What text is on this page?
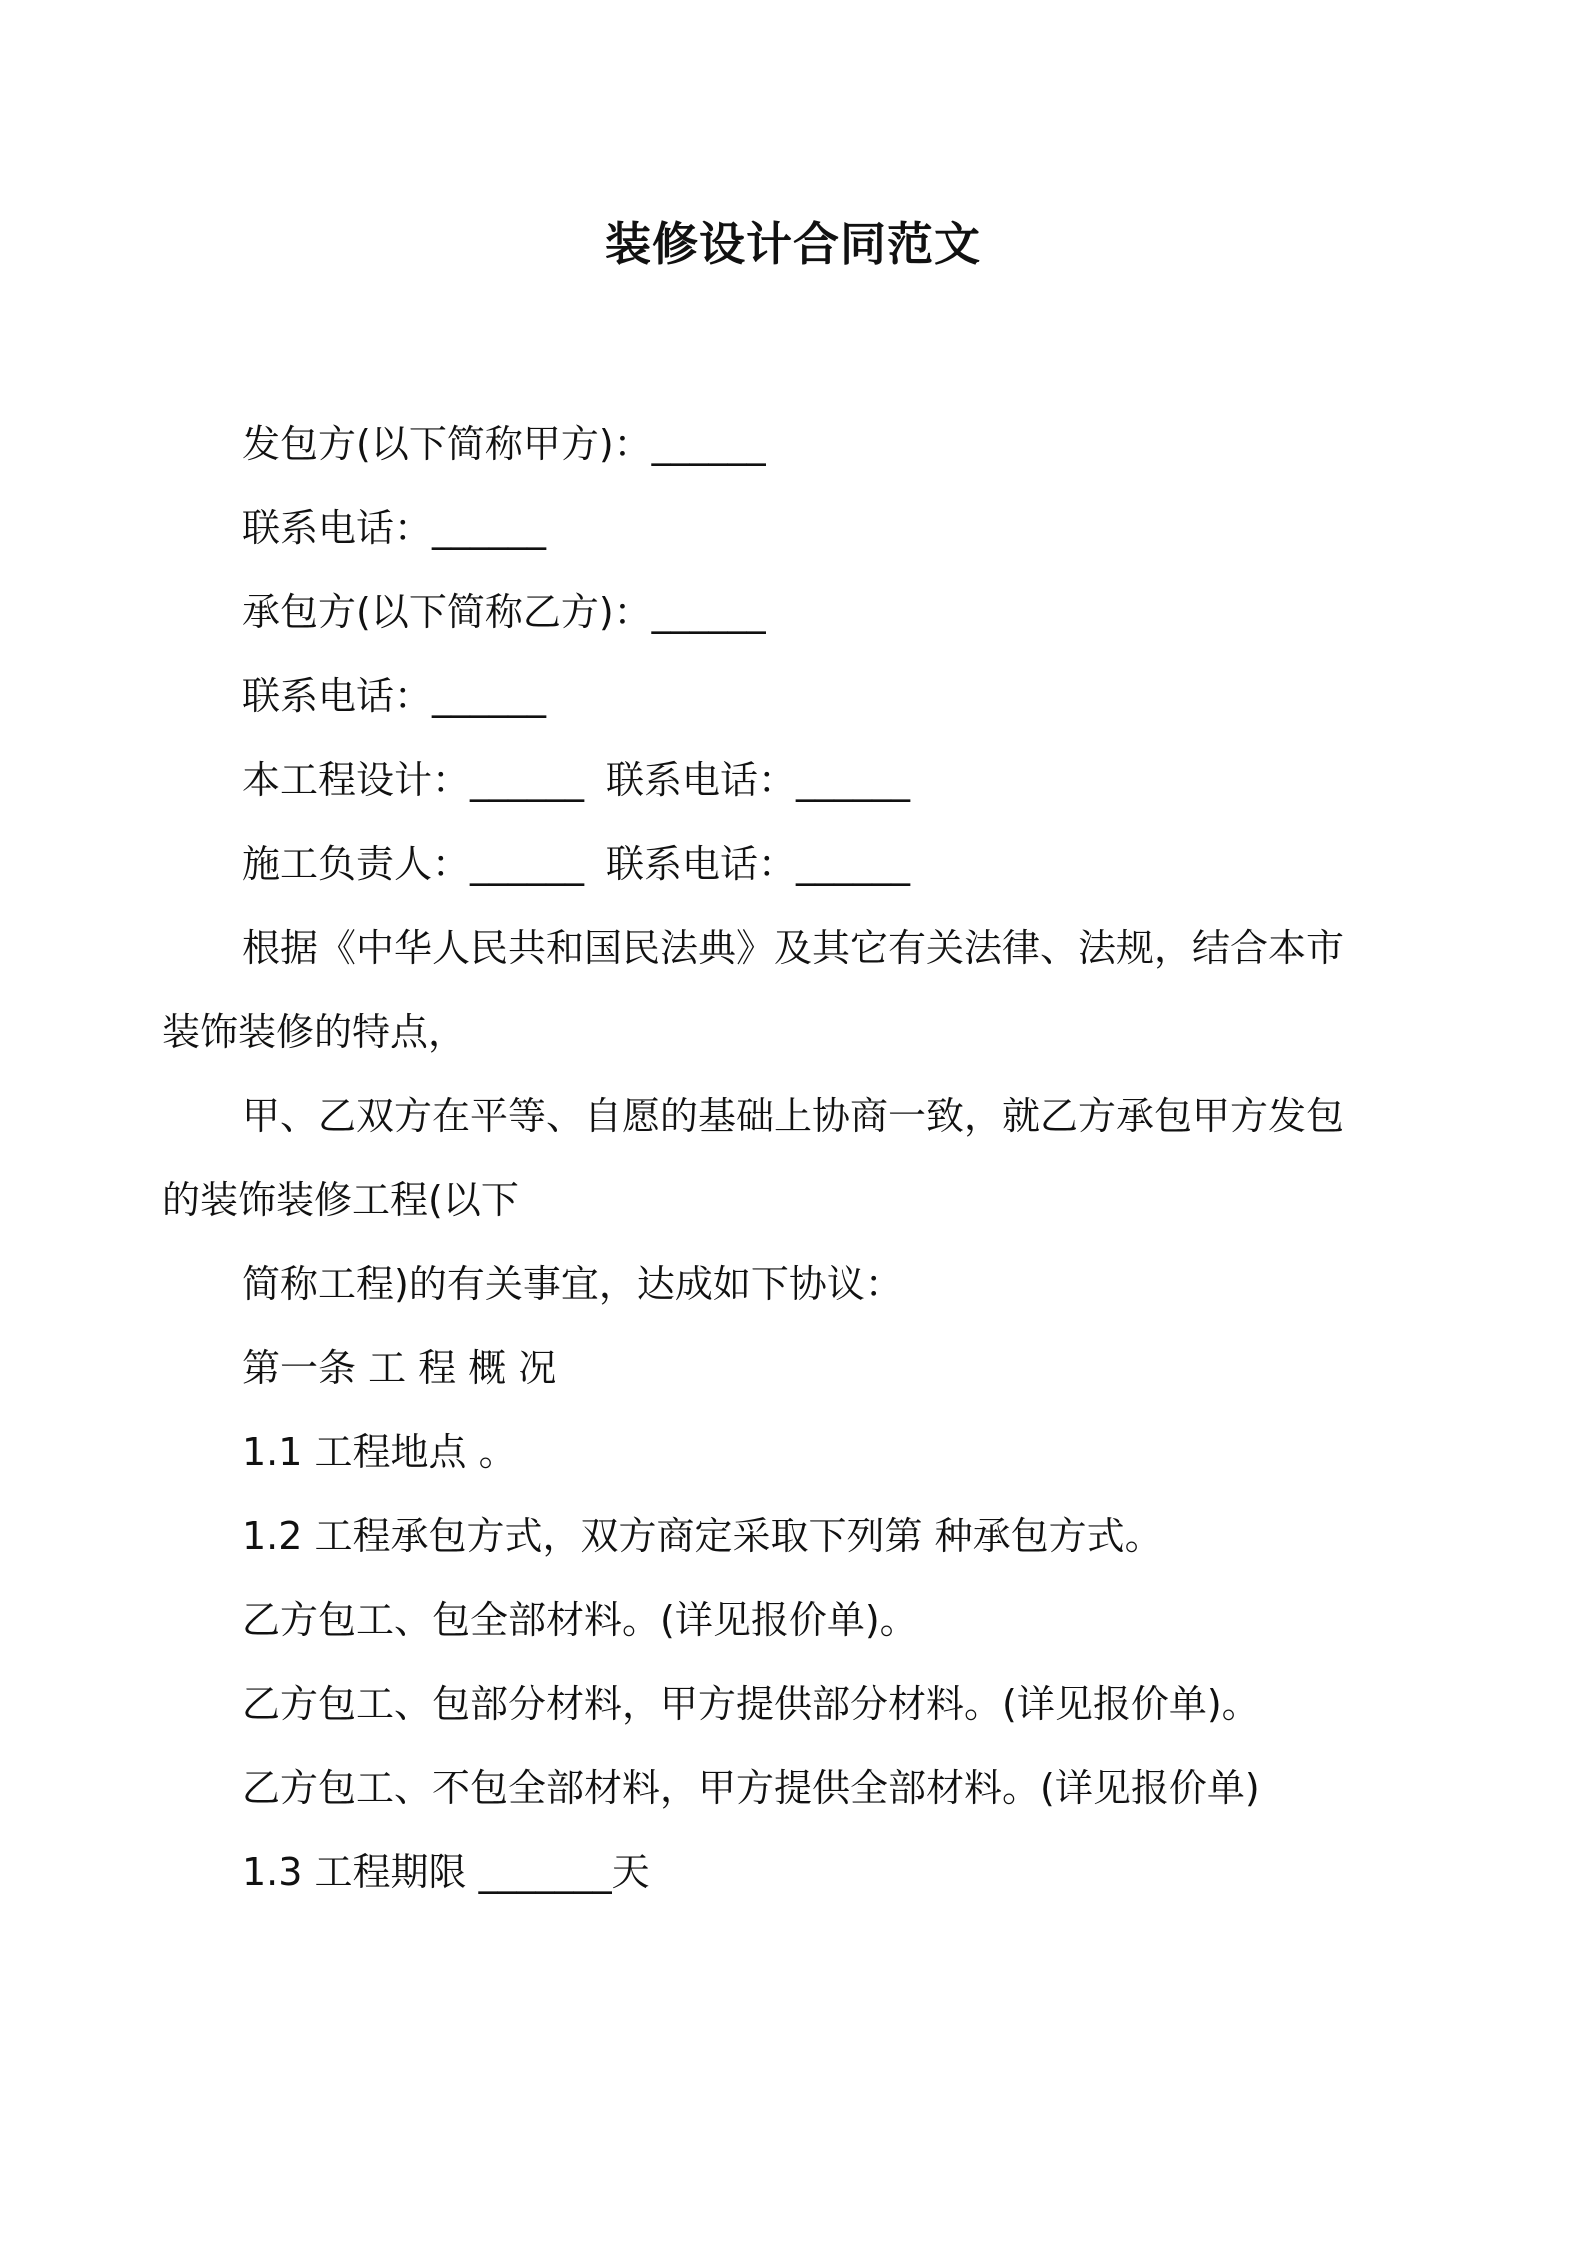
装修设计合同范文

发包方(以下简称甲方)：______

联系电话：______

承包方(以下简称乙方)：______

联系电话：______

本工程设计：______ 联系电话：______

施工负责人：______ 联系电话：______

根据《中华人民共和国民法典》及其它有关法律、法规，结合本市装饰装修的特点，

甲、乙双方在平等、自愿的基础上协商一致，就乙方承包甲方发包的装饰装修工程(以下

简称工程)的有关事宜，达成如下协议：

第一条 工 程 概 况

1.1 工程地点 。

1.2 工程承包方式，双方商定采取下列第 种承包方式。

乙方包工、包全部材料。(详见报价单)。

乙方包工、包部分材料，甲方提供部分材料。(详见报价单)。

乙方包工、不包全部材料，甲方提供全部材料。(详见报价单)

1.3 工程期限 _______天
